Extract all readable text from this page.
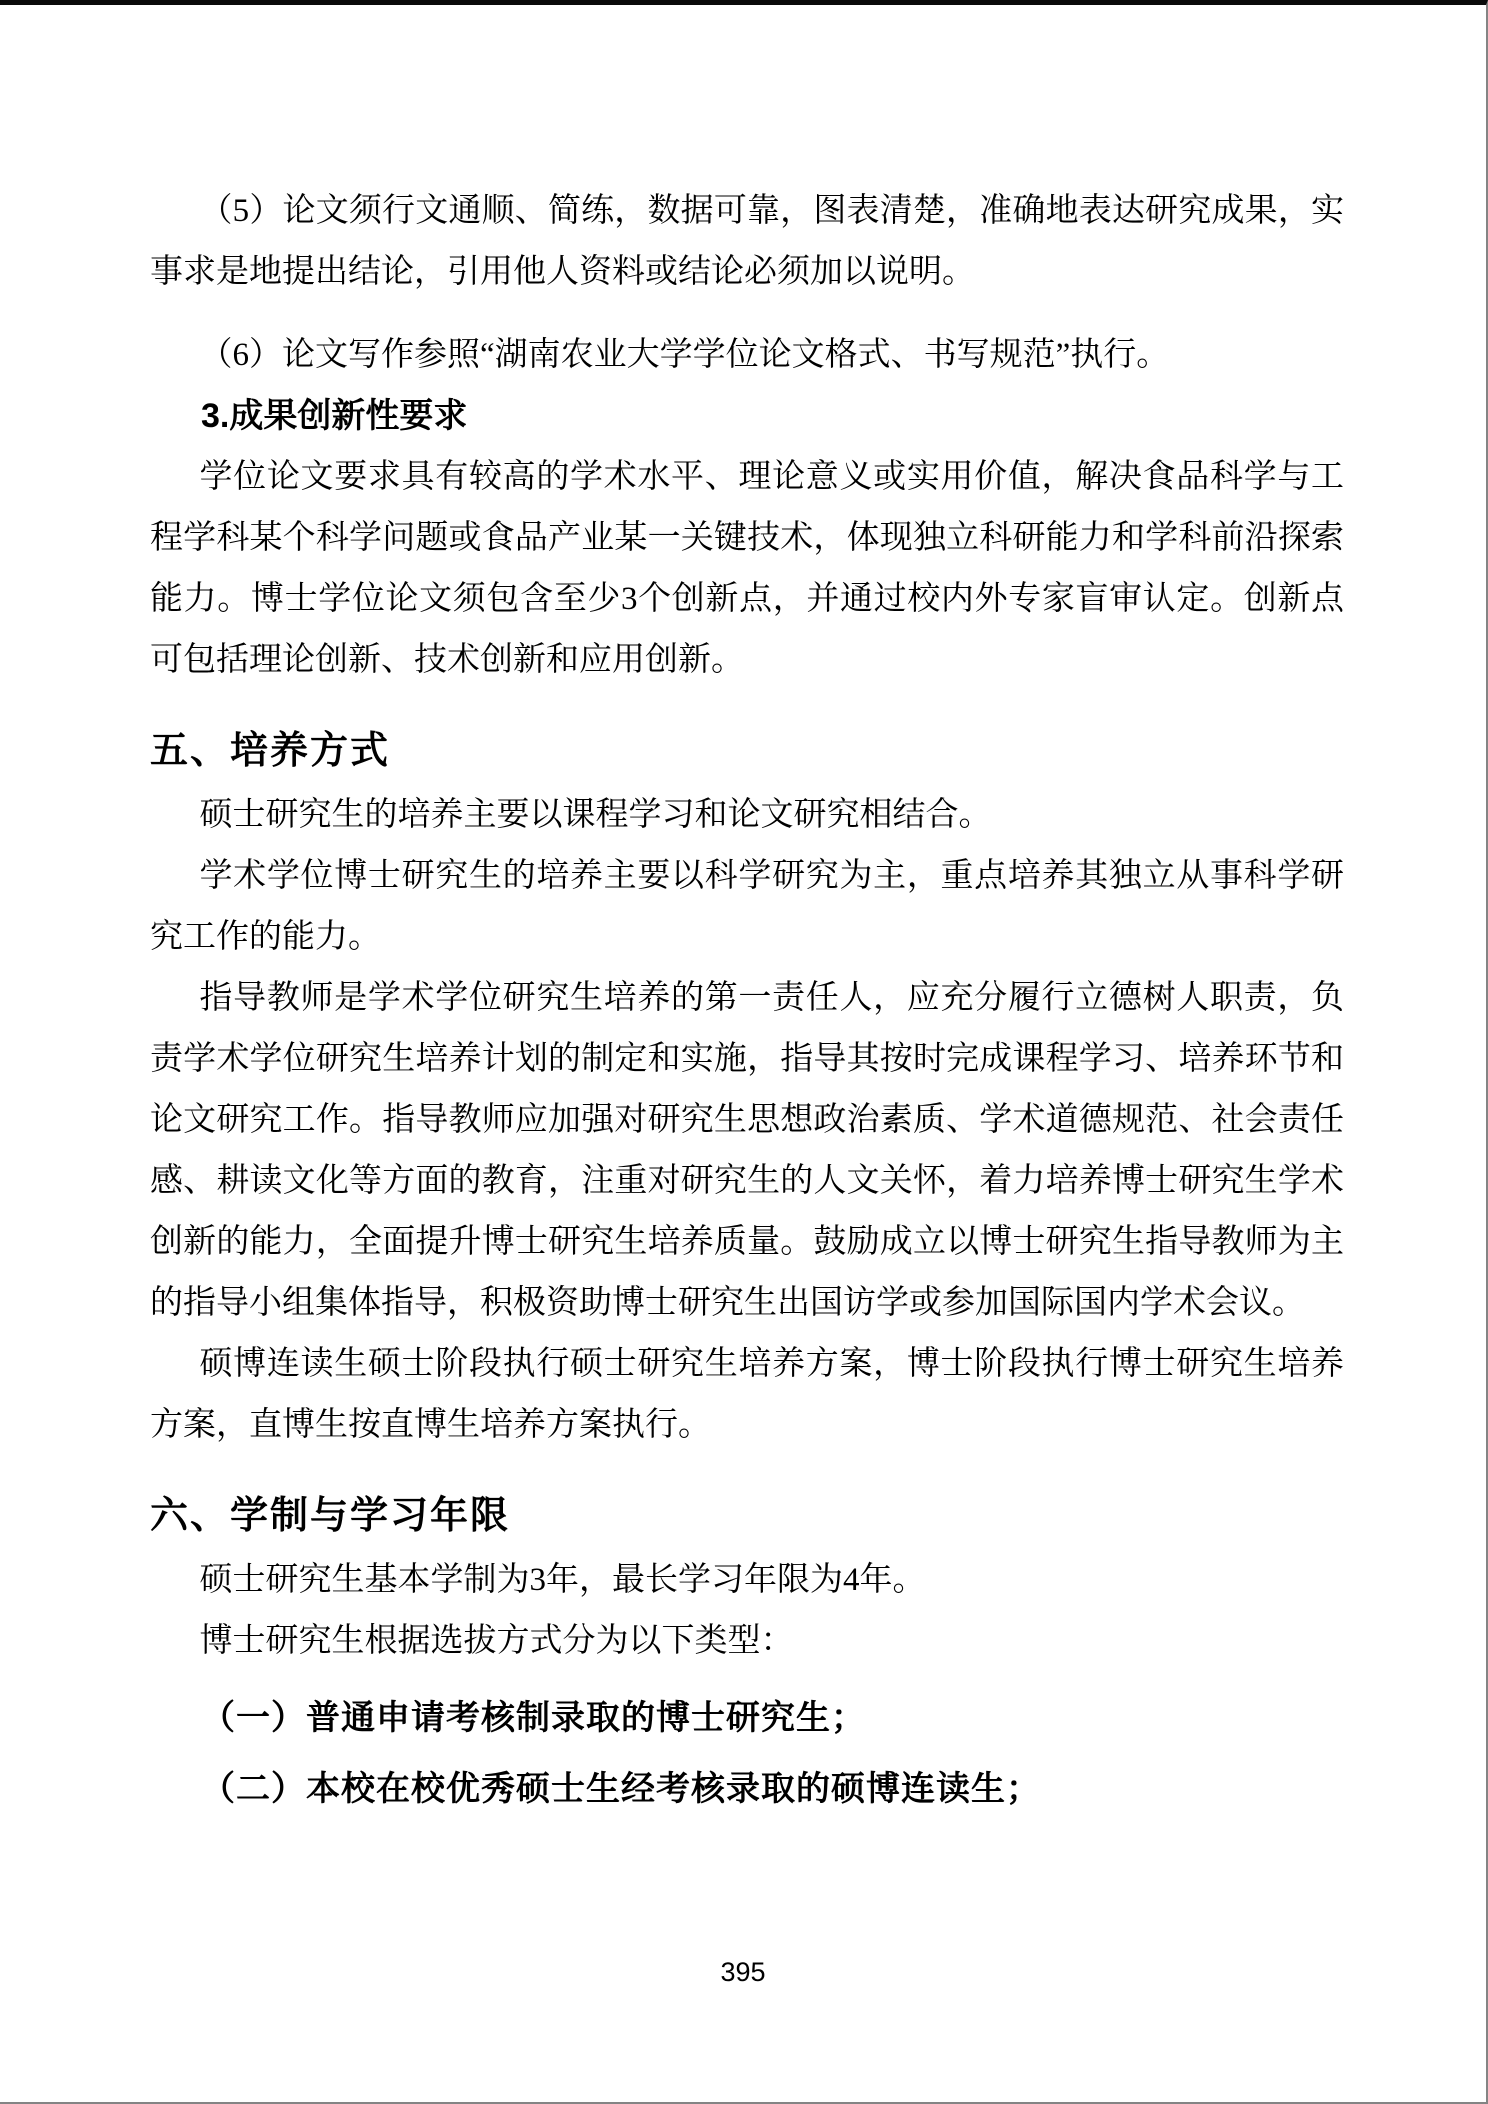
（5）论文须行文通顺、简练，数据可靠，图表清楚，准确地表达研究成果，实事求是地提出结论，引用他人资料或结论必须加以说明。

（6）论文写作参照“湖南农业大学学位论文格式、书写规范”执行。

3.成果创新性要求

学位论文要求具有较高的学术水平、理论意义或实用价值，解决食品科学与工程学科某个科学问题或食品产业某一关键技术，体现独立科研能力和学科前沿探索能力。博士学位论文须包含至少3个创新点，并通过校内外专家盲审认定。创新点可包括理论创新、技术创新和应用创新。

五、培养方式

硕士研究生的培养主要以课程学习和论文研究相结合。

学术学位博士研究生的培养主要以科学研究为主，重点培养其独立从事科学研究工作的能力。

指导教师是学术学位研究生培养的第一责任人，应充分履行立德树人职责，负责学术学位研究生培养计划的制定和实施，指导其按时完成课程学习、培养环节和论文研究工作。指导教师应加强对研究生思想政治素质、学术道德规范、社会责任感、耕读文化等方面的教育，注重对研究生的人文关怀，着力培养博士研究生学术创新的能力，全面提升博士研究生培养质量。鼓励成立以博士研究生指导教师为主的指导小组集体指导，积极资助博士研究生出国访学或参加国际国内学术会议。

硕博连读生硕士阶段执行硕士研究生培养方案，博士阶段执行博士研究生培养方案，直博生按直博生培养方案执行。

六、学制与学习年限

硕士研究生基本学制为3年，最长学习年限为4年。

博士研究生根据选拔方式分为以下类型：

（一）普通申请考核制录取的博士研究生；

（二）本校在校优秀硕士生经考核录取的硕博连读生；

395
